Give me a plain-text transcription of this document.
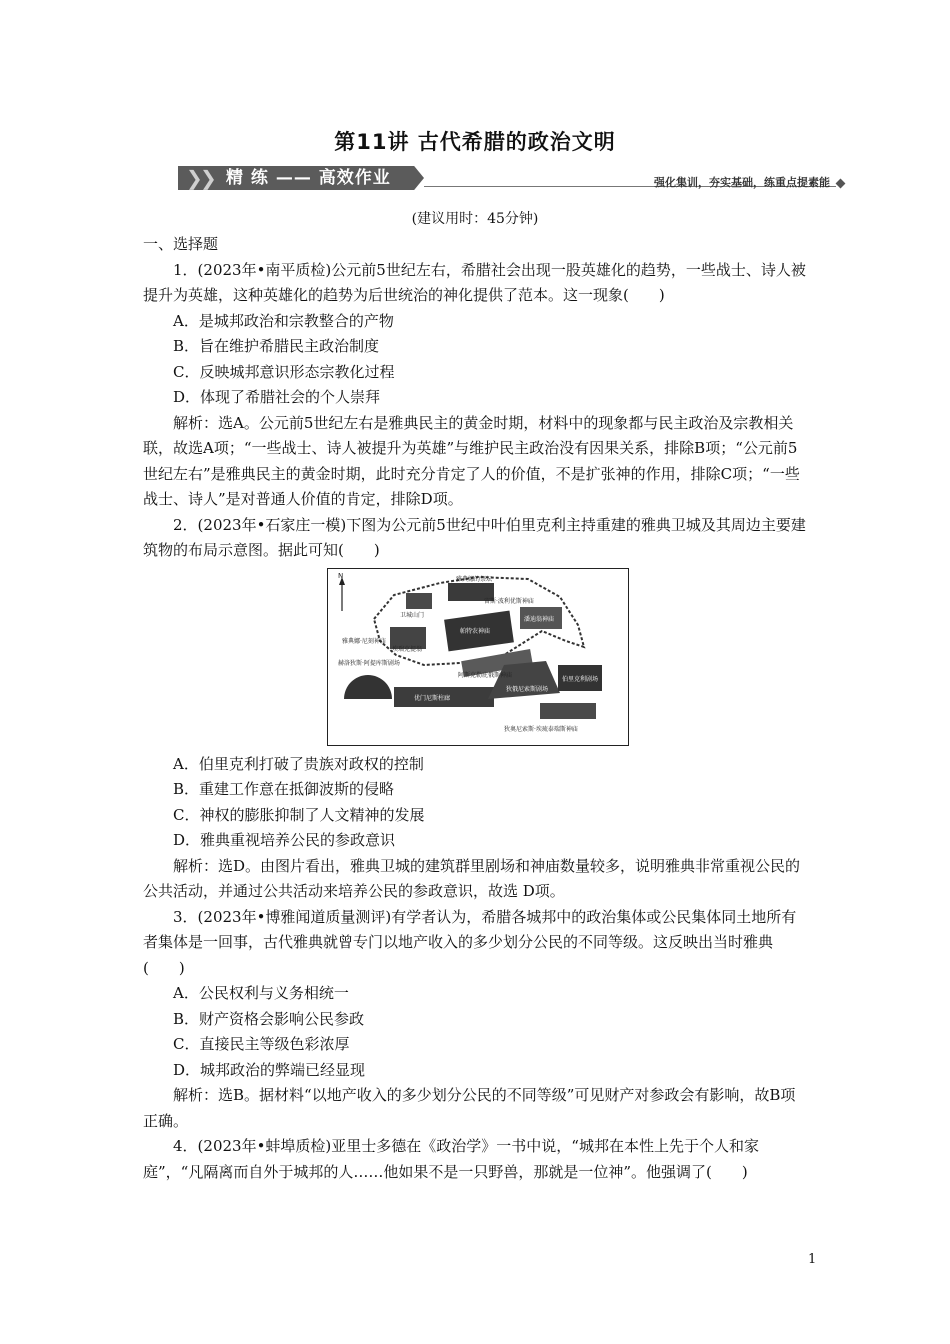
第11讲 古代希腊的政治文明
❯
❯ 精 练 —— 高效作业	强化集训，夯实基础，练重点提素能
(建议用时：45分钟)

一、选择题

1．(2023年•南平质检)公元前5世纪左右，希腊社会出现一股英雄化的趋势，一些战士、诗人被提升为英雄，这种英雄化的趋势为后世统治的神化提供了范本。这一现象(　　)

A．是城邦政治和宗教整合的产物

B．旨在维护希腊民主政治制度

C．反映城邦意识形态宗教化过程

D．体现了希腊社会的个人崇拜

解析：选A。公元前5世纪左右是雅典民主的黄金时期，材料中的现象都与民主政治及宗教相关联，故选A项；“一些战士、诗人被提升为英雄”与维护民主政治没有因果关系，排除B项；“公元前5世纪左右”是雅典民主的黄金时期，此时充分肯定了人的价值，不是扩张神的作用，排除C项；“一些战士、诗人”是对普通人价值的肯定，排除D项。

2．(2023年•石家庄一模)下图为公元前5世纪中叶伯里克利主持重建的雅典卫城及其周边主要建筑物的布局示意图。据此可知(　　)

N	雅典娜的祭坛
宙斯·波利优斯神庙
卫城山门
帕特农神庙
潘迪翁神庙
雅典娜·尼刻神庙
埃瑞克提翁
赫洛狄斯·阿提库斯剧场
阿斯克勒庇俄斯神庙
狄俄尼索斯剧场
伯里克利剧场
优门尼斯柱廊
狄奥尼索斯·埃琉泰瑞斯神庙

A．伯里克利打破了贵族对政权的控制

B．重建工作意在抵御波斯的侵略

C．神权的膨胀抑制了人文精神的发展

D．雅典重视培养公民的参政意识

解析：选D。由图片看出，雅典卫城的建筑群里剧场和神庙数量较多，说明雅典非常重视公民的公共活动，并通过公共活动来培养公民的参政意识，故选 D项。

3．(2023年•博雅闻道质量测评)有学者认为，希腊各城邦中的政治集体或公民集体同土地所有者集体是一回事，古代雅典就曾专门以地产收入的多少划分公民的不同等级。这反映出当时雅典(　　)

A．公民权利与义务相统一

B．财产资格会影响公民参政

C．直接民主等级色彩浓厚

D．城邦政治的弊端已经显现

解析：选B。据材料“以地产收入的多少划分公民的不同等级”可见财产对参政会有影响，故B项正确。

4．(2023年•蚌埠质检)亚里士多德在《政治学》一书中说，“城邦在本性上先于个人和家庭”，“凡隔离而自外于城邦的人……他如果不是一只野兽，那就是一位神”。他强调了(　　)

1
